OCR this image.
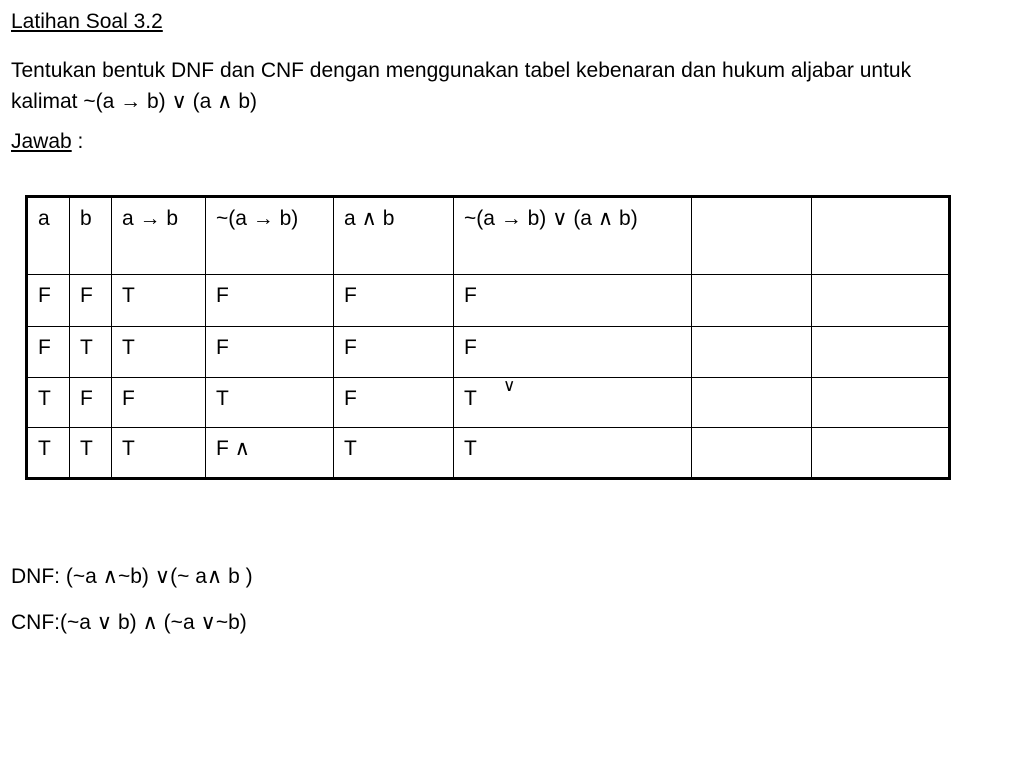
Latihan Soal 3.2
Tentukan bentuk DNF dan CNF dengan menggunakan tabel kebenaran dan hukum aljabar untuk kalimat ~(a → b) ∨ (a ∧ b)
Jawab :
a	b	a → b	~(a → b)	a ∧ b	~(a → b) ∨ (a ∧ b)		
F	F	T	F	F	F		
F	T	T	F	F	F		
T	F	F	T	F	T		
T	T	T	F ∧	T	T		
∨
DNF: (~a ∧~b) ∨(~ a∧ b )
CNF:(~a ∨ b) ∧ (~a ∨~b)
